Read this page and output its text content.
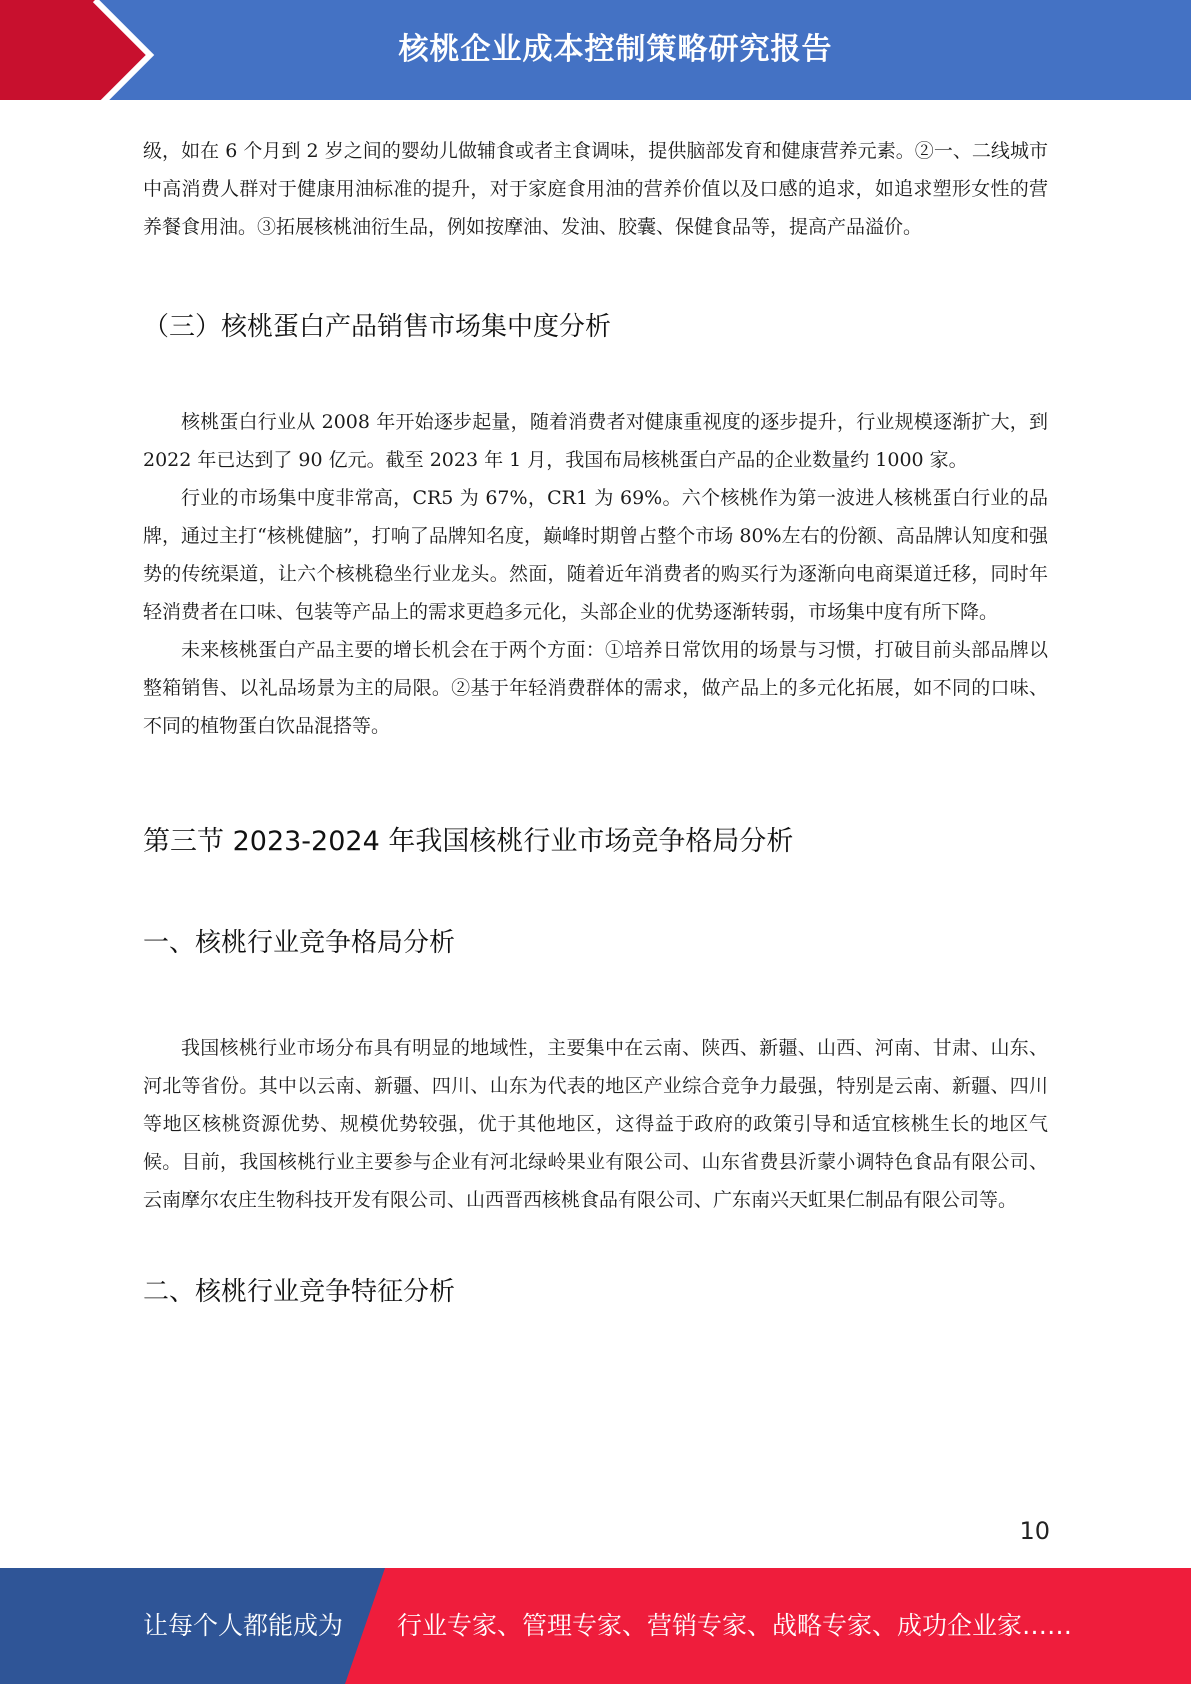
核桃企业成本控制策略研究报告

级，如在 6 个月到 2 岁之间的婴幼儿做辅食或者主食调味，提供脑部发育和健康营养元素。②一、二线城市中高消费人群对于健康用油标准的提升，对于家庭食用油的营养价值以及口感的追求，如追求塑形女性的营养餐食用油。③拓展核桃油衍生品，例如按摩油、发油、胶囊、保健食品等，提高产品溢价。

（三）核桃蛋白产品销售市场集中度分析

核桃蛋白行业从 2008 年开始逐步起量，随着消费者对健康重视度的逐步提升，行业规模逐渐扩大，到 2022 年已达到了 90 亿元。截至 2023 年 1 月，我国布局核桃蛋白产品的企业数量约 1000 家。

行业的市场集中度非常高，CR5 为 67%，CR1 为 69%。六个核桃作为第一波进人核桃蛋白行业的品牌，通过主打“核桃健脑”，打响了品牌知名度，巅峰时期曾占整个市场 80%左右的份额、高品牌认知度和强势的传统渠道，让六个核桃稳坐行业龙头。然面，随着近年消费者的购买行为逐渐向电商渠道迁移，同时年轻消费者在口味、包装等产品上的需求更趋多元化，头部企业的优势逐渐转弱，市场集中度有所下降。

未来核桃蛋白产品主要的增长机会在于两个方面：①培养日常饮用的场景与习惯，打破目前头部品牌以整箱销售、以礼品场景为主的局限。②基于年轻消费群体的需求，做产品上的多元化拓展，如不同的口味、不同的植物蛋白饮品混搭等。

第三节 2023-2024 年我国核桃行业市场竞争格局分析
一、核桃行业竞争格局分析

我国核桃行业市场分布具有明显的地域性，主要集中在云南、陕西、新疆、山西、河南、甘肃、山东、河北等省份。其中以云南、新疆、四川、山东为代表的地区产业综合竞争力最强，特别是云南、新疆、四川等地区核桃资源优势、规模优势较强，优于其他地区，这得益于政府的政策引导和适宜核桃生长的地区气候。目前，我国核桃行业主要参与企业有河北绿岭果业有限公司、山东省费县沂蒙小调特色食品有限公司、云南摩尔农庄生物科技开发有限公司、山西晋西核桃食品有限公司、广东南兴天虹果仁制品有限公司等。

二、核桃行业竞争特征分析
10
让每个人都能成为 行业专家、管理专家、营销专家、战略专家、成功企业家……
